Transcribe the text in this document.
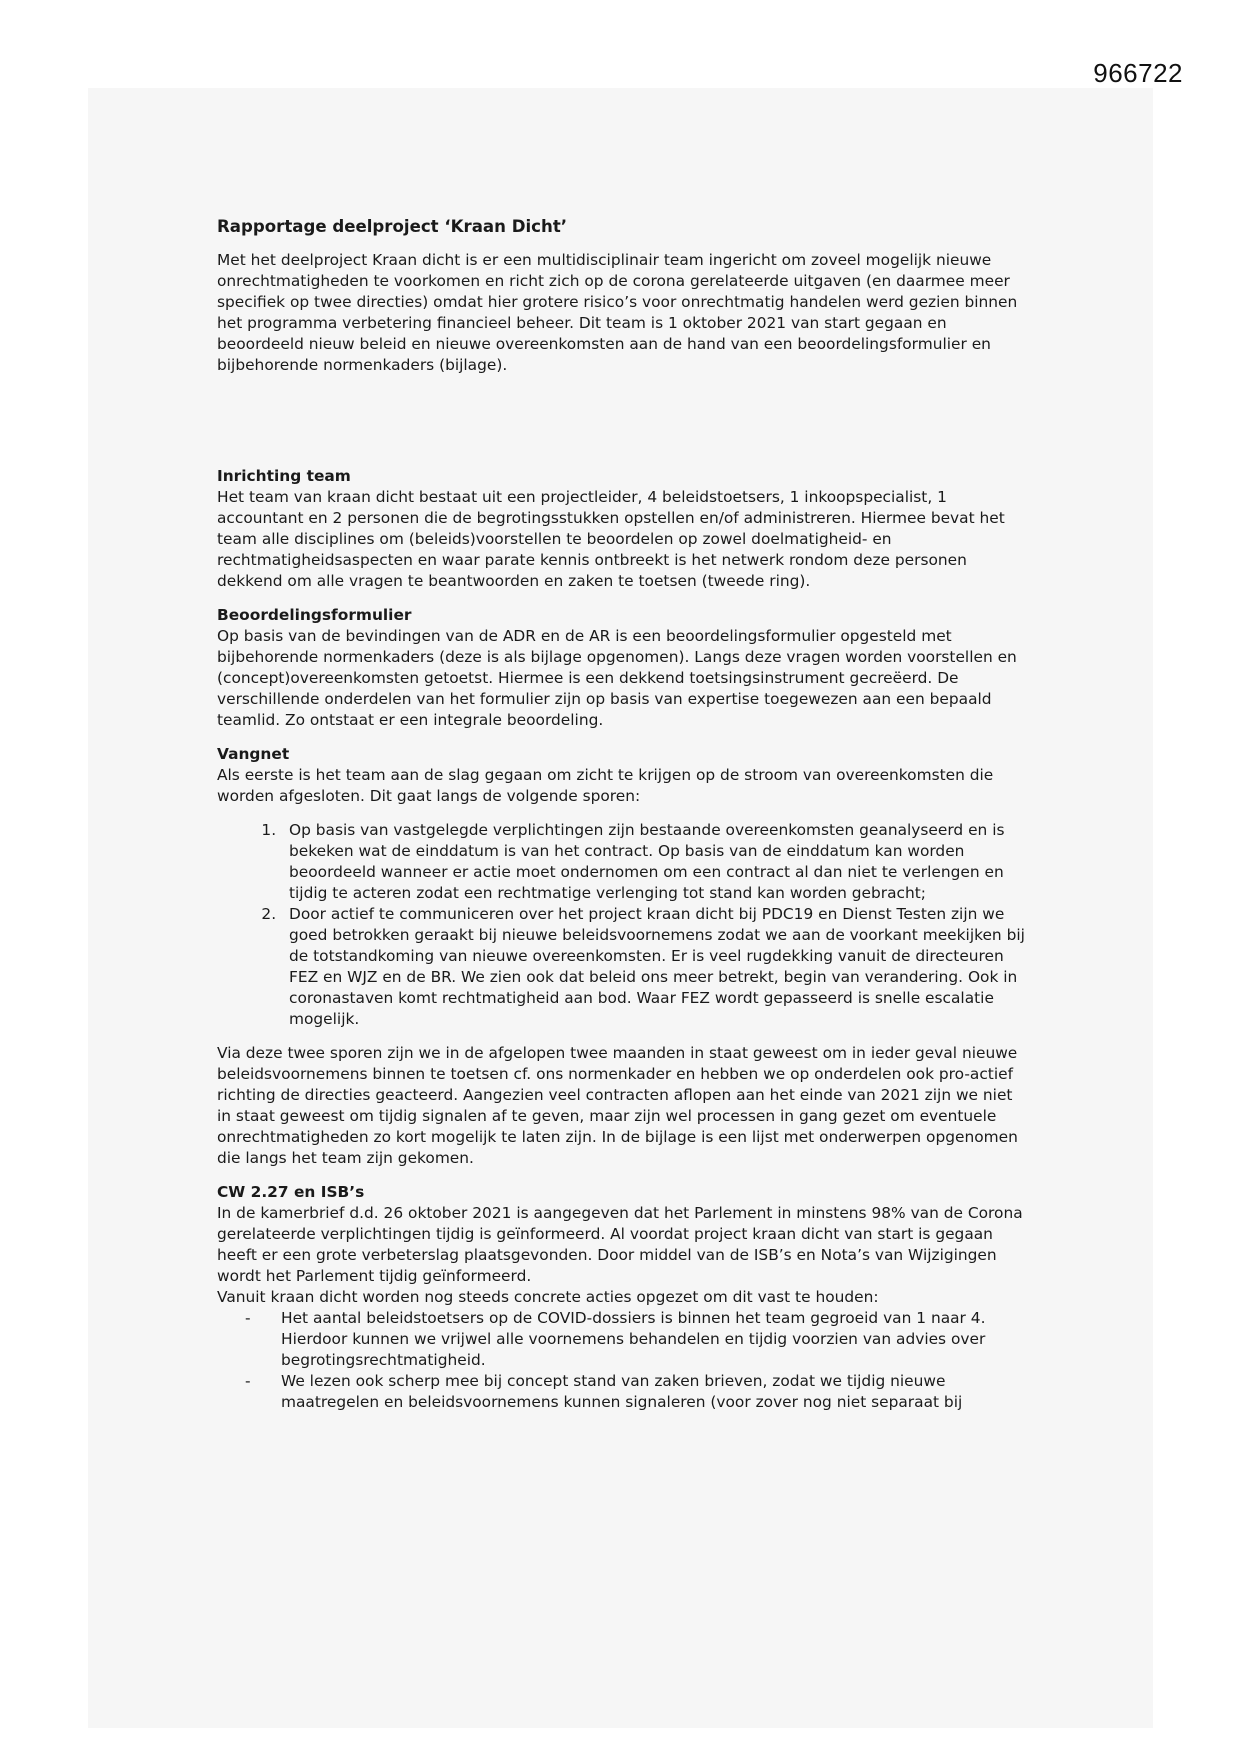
966722
Rapportage deelproject ‘Kraan Dicht’

Met het deelproject Kraan dicht is er een multidisciplinair team ingericht om zoveel mogelijk nieuwe onrechtmatigheden te voorkomen en richt zich op de corona gerelateerde uitgaven (en daarmee meer specifiek op twee directies) omdat hier grotere risico’s voor onrechtmatig handelen werd gezien binnen het programma verbetering financieel beheer. Dit team is 1 oktober 2021 van start gegaan en beoordeeld nieuw beleid en nieuwe overeenkomsten aan de hand van een beoordelingsformulier en bijbehorende normenkaders (bijlage).

Inrichting team

Het team van kraan dicht bestaat uit een projectleider, 4 beleidstoetsers, 1 inkoopspecialist, 1 accountant en 2 personen die de begrotingsstukken opstellen en/of administreren. Hiermee bevat het team alle disciplines om (beleids)voorstellen te beoordelen op zowel doelmatigheid- en rechtmatigheidsaspecten en waar parate kennis ontbreekt is het netwerk rondom deze personen dekkend om alle vragen te beantwoorden en zaken te toetsen (tweede ring).

Beoordelingsformulier

Op basis van de bevindingen van de ADR en de AR is een beoordelingsformulier opgesteld met bijbehorende normenkaders (deze is als bijlage opgenomen). Langs deze vragen worden voorstellen en (concept)overeenkomsten getoetst. Hiermee is een dekkend toetsingsinstrument gecreëerd. De verschillende onderdelen van het formulier zijn op basis van expertise toegewezen aan een bepaald teamlid. Zo ontstaat er een integrale beoordeling.

Vangnet

Als eerste is het team aan de slag gegaan om zicht te krijgen op de stroom van overeenkomsten die worden afgesloten. Dit gaat langs de volgende sporen:

1. Op basis van vastgelegde verplichtingen zijn bestaande overeenkomsten geanalyseerd en is bekeken wat de einddatum is van het contract. Op basis van de einddatum kan worden beoordeeld wanneer er actie moet ondernomen om een contract al dan niet te verlengen en tijdig te acteren zodat een rechtmatige verlenging tot stand kan worden gebracht;
2. Door actief te communiceren over het project kraan dicht bij PDC19 en Dienst Testen zijn we goed betrokken geraakt bij nieuwe beleidsvoornemens zodat we aan de voorkant meekijken bij de totstandkoming van nieuwe overeenkomsten. Er is veel rugdekking vanuit de directeuren FEZ en WJZ en de BR. We zien ook dat beleid ons meer betrekt, begin van verandering. Ook in coronastaven komt rechtmatigheid aan bod. Waar FEZ wordt gepasseerd is snelle escalatie mogelijk.

Via deze twee sporen zijn we in de afgelopen twee maanden in staat geweest om in ieder geval nieuwe beleidsvoornemens binnen te toetsen cf. ons normenkader en hebben we op onderdelen ook pro-actief richting de directies geacteerd. Aangezien veel contracten aflopen aan het einde van 2021 zijn we niet in staat geweest om tijdig signalen af te geven, maar zijn wel processen in gang gezet om eventuele onrechtmatigheden zo kort mogelijk te laten zijn. In de bijlage is een lijst met onderwerpen opgenomen die langs het team zijn gekomen.

CW 2.27 en ISB’s

In de kamerbrief d.d. 26 oktober 2021 is aangegeven dat het Parlement in minstens 98% van de Corona gerelateerde verplichtingen tijdig is geïnformeerd. Al voordat project kraan dicht van start is gegaan heeft er een grote verbeterslag plaatsgevonden. Door middel van de ISB’s en Nota’s van Wijzigingen wordt het Parlement tijdig geïnformeerd.

Vanuit kraan dicht worden nog steeds concrete acties opgezet om dit vast te houden:

- Het aantal beleidstoetsers op de COVID-dossiers is binnen het team gegroeid van 1 naar 4. Hierdoor kunnen we vrijwel alle voornemens behandelen en tijdig voorzien van advies over begrotingsrechtmatigheid.
- We lezen ook scherp mee bij concept stand van zaken brieven, zodat we tijdig nieuwe maatregelen en beleidsvoornemens kunnen signaleren (voor zover nog niet separaat bij
